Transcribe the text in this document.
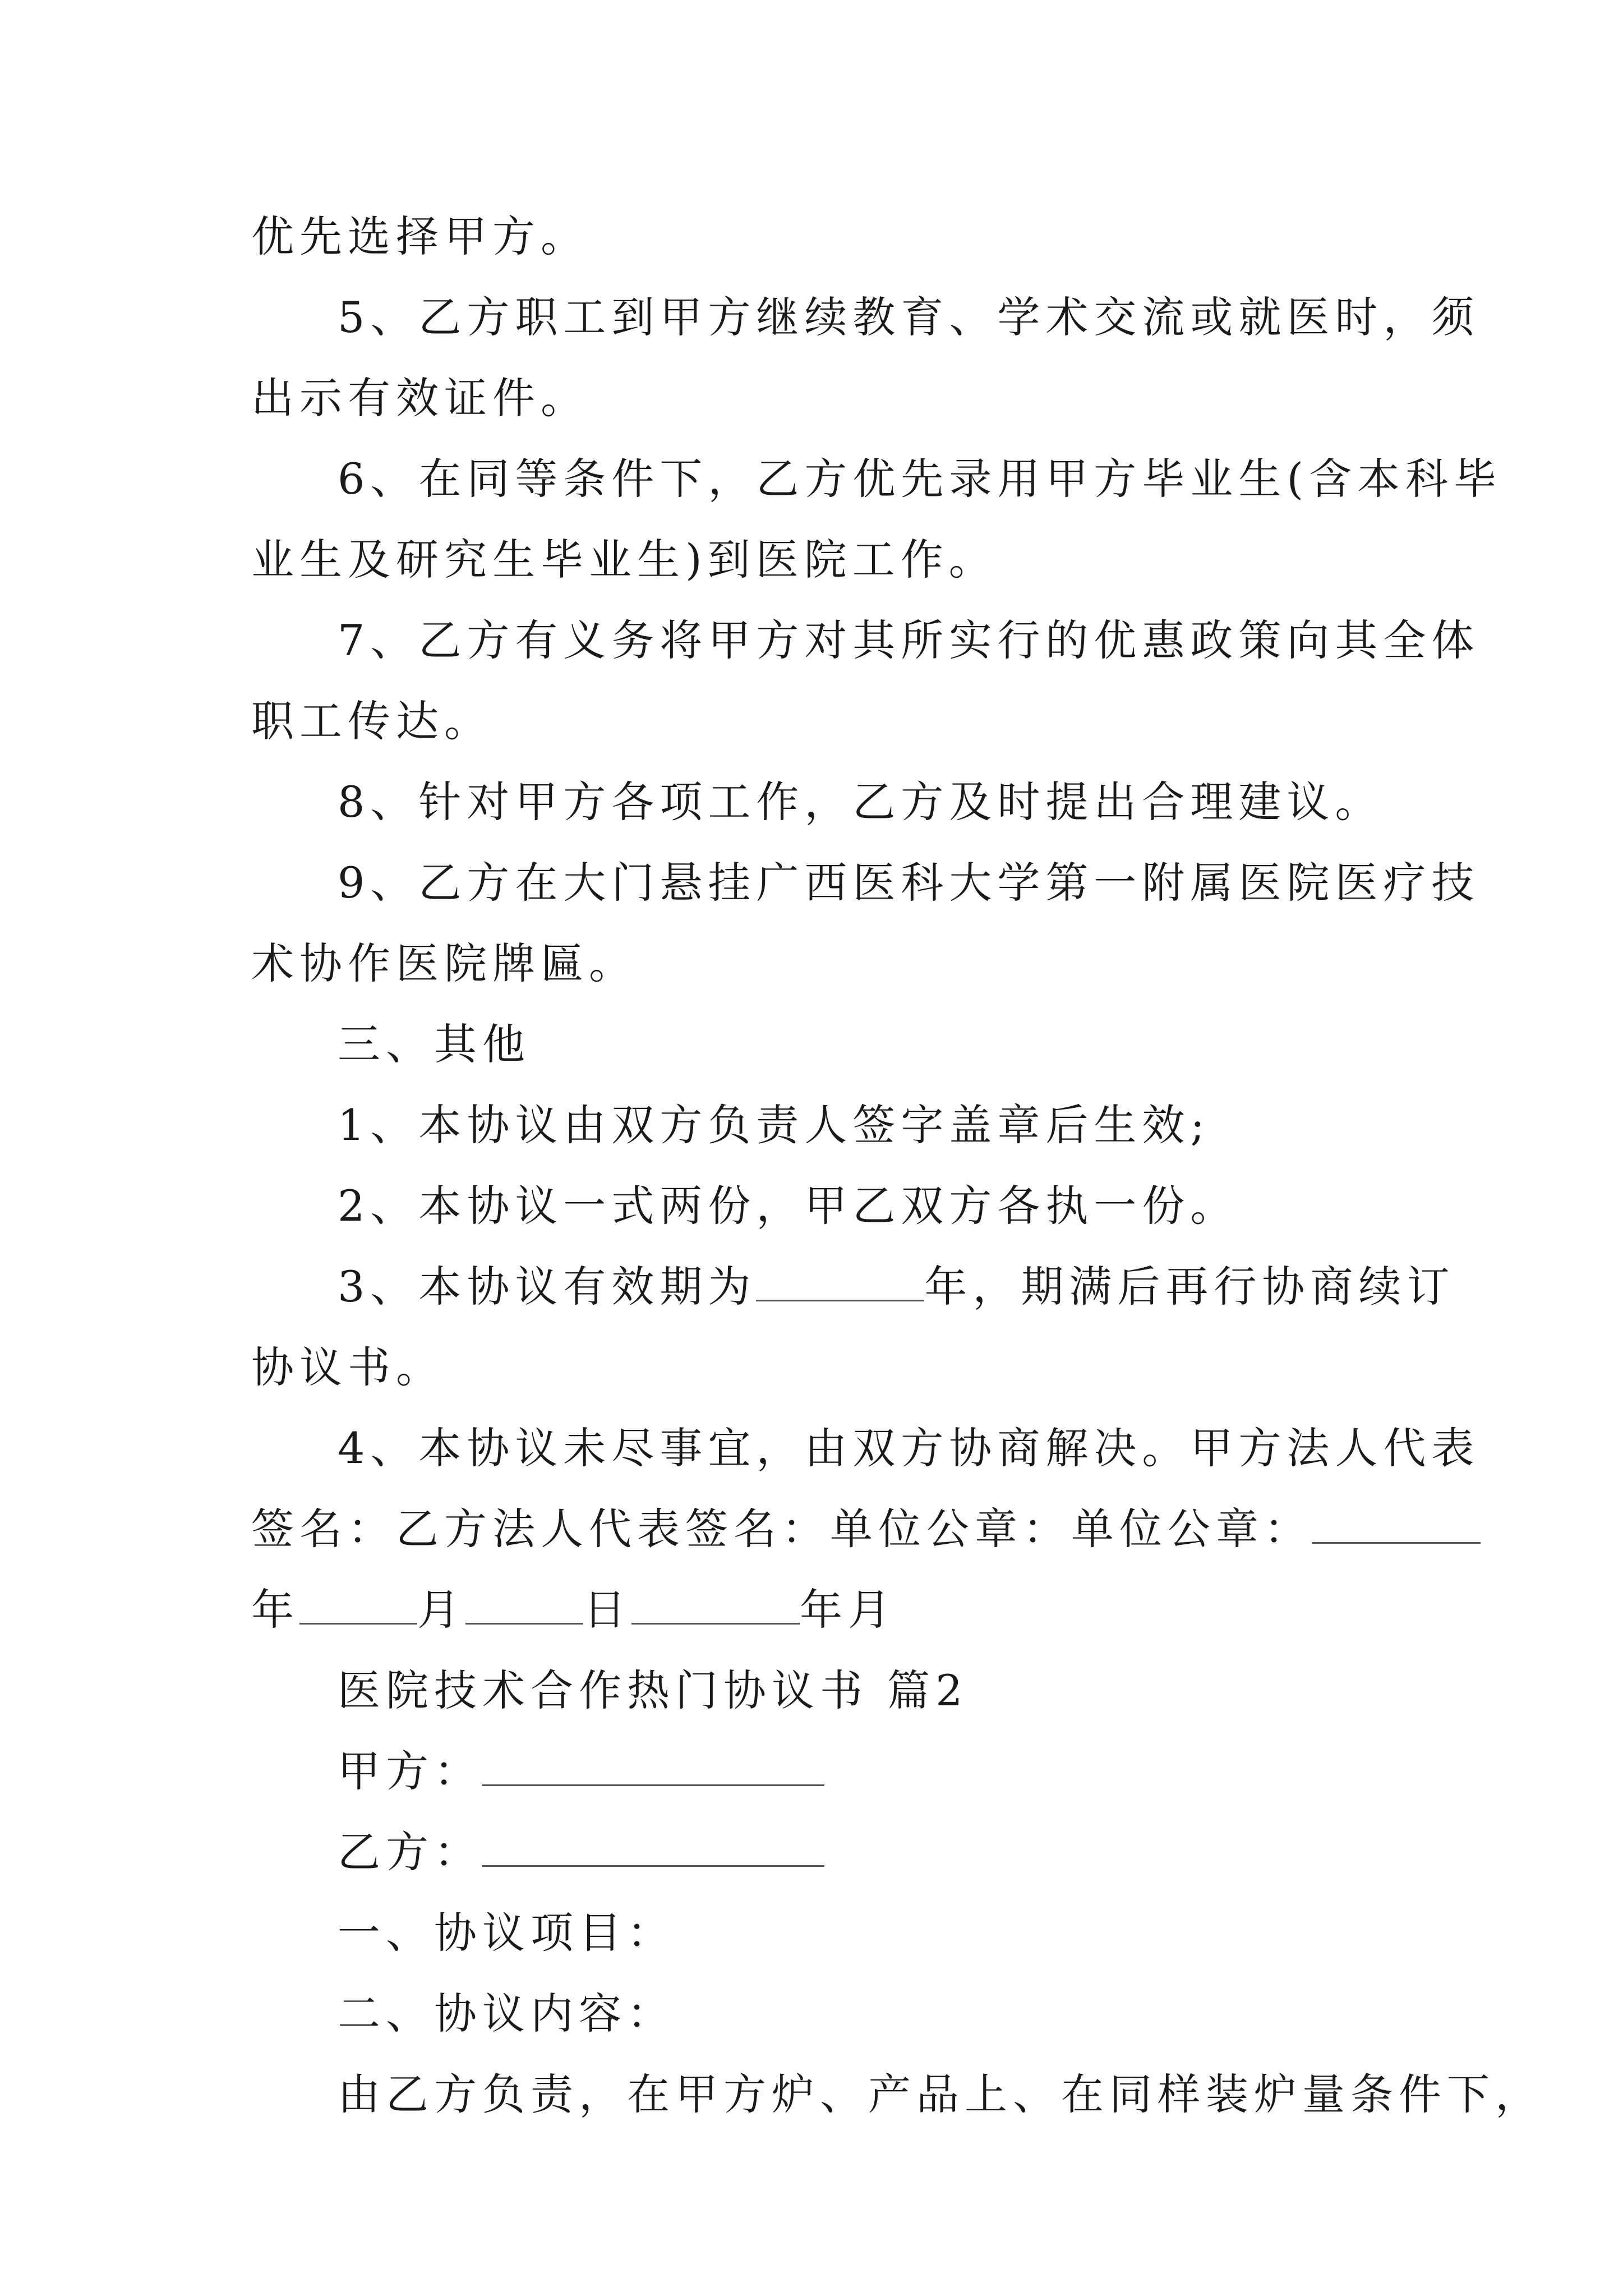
优先选择甲方。
5、乙方职工到甲方继续教育、学术交流或就医时，须
出示有效证件。
6、在同等条件下，乙方优先录用甲方毕业生(含本科毕
业生及研究生毕业生)到医院工作。
7、乙方有义务将甲方对其所实行的优惠政策向其全体
职工传达。
8、针对甲方各项工作，乙方及时提出合理建议。
9、乙方在大门悬挂广西医科大学第一附属医院医疗技
术协作医院牌匾。
三、其他
1、本协议由双方负责人签字盖章后生效;
2、本协议一式两份，甲乙双方各执一份。
3、本协议有效期为	年，期满后再行协商续订
协议书。
4、本协议未尽事宜，由双方协商解决。甲方法人代表
签名：乙方法人代表签名：单位公章：单位公章：
年	月	日	年月
医院技术合作热门协议书 篇2
甲方：
乙方：
一、协议项目：
二、协议内容：
由乙方负责，在甲方炉、产品上、在同样装炉量条件下，
